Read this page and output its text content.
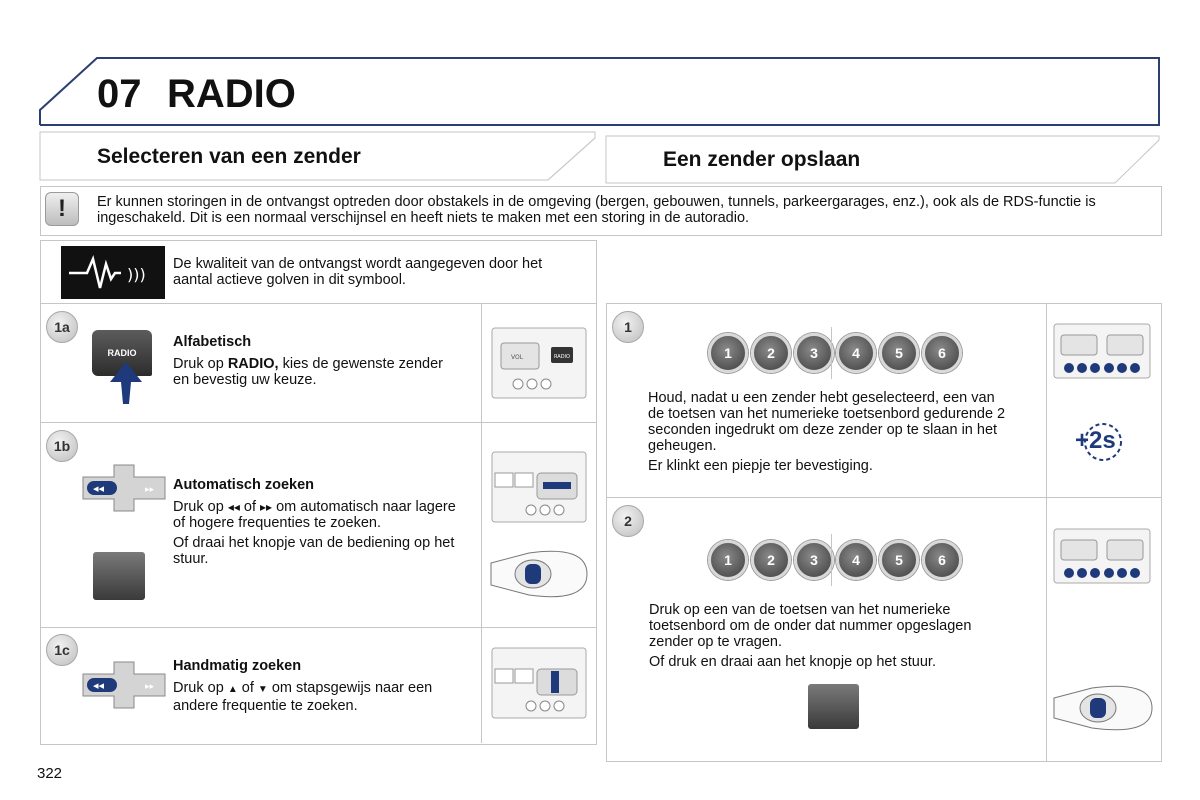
07 RADIO
Selecteren van een zender	Een zender opslaan
!	Er kunnen storingen in de ontvangst optreden door obstakels in de omgeving (bergen, gebouwen, tunnels, parkeergarages, enz.), ook als de RDS-functie is ingeschakeld. Dit is een normaal verschijnsel en heeft niets te maken met een storing in de autoradio.
)))
De kwaliteit van de ontvangst wordt aangegeven door het aantal actieve golven in dit symbool.
1a
RADIO
Alfabetisch
Druk op RADIO, kies de gewenste zender en bevestig uw keuze.
VOL	RADIO
1b
◂◂	▸▸ Automatisch zoeken
Druk op ◂◂ of ▸▸ om automatisch naar lagere of hogere frequenties te zoeken.
Of draai het knopje van de bediening op het stuur.
1c
◂◂	▸▸
Handmatig zoeken
Druk op ▲ of ▼ om stapsgewijs naar een andere frequentie te zoeken.
1
1	2	3	4	5	6
Houd, nadat u een zender hebt geselecteerd, een van de toetsen van het numerieke toetsenbord gedurende 2 seconden ingedrukt om deze zender op te slaan in het geheugen.
Er klinkt een piepje ter bevestiging.
+2s
2
1	2	3	4	5	6
Druk op een van de toetsen van het numerieke toetsenbord om de onder dat nummer opgeslagen zender op te vragen.
Of druk en draai aan het knopje op het stuur.
322
